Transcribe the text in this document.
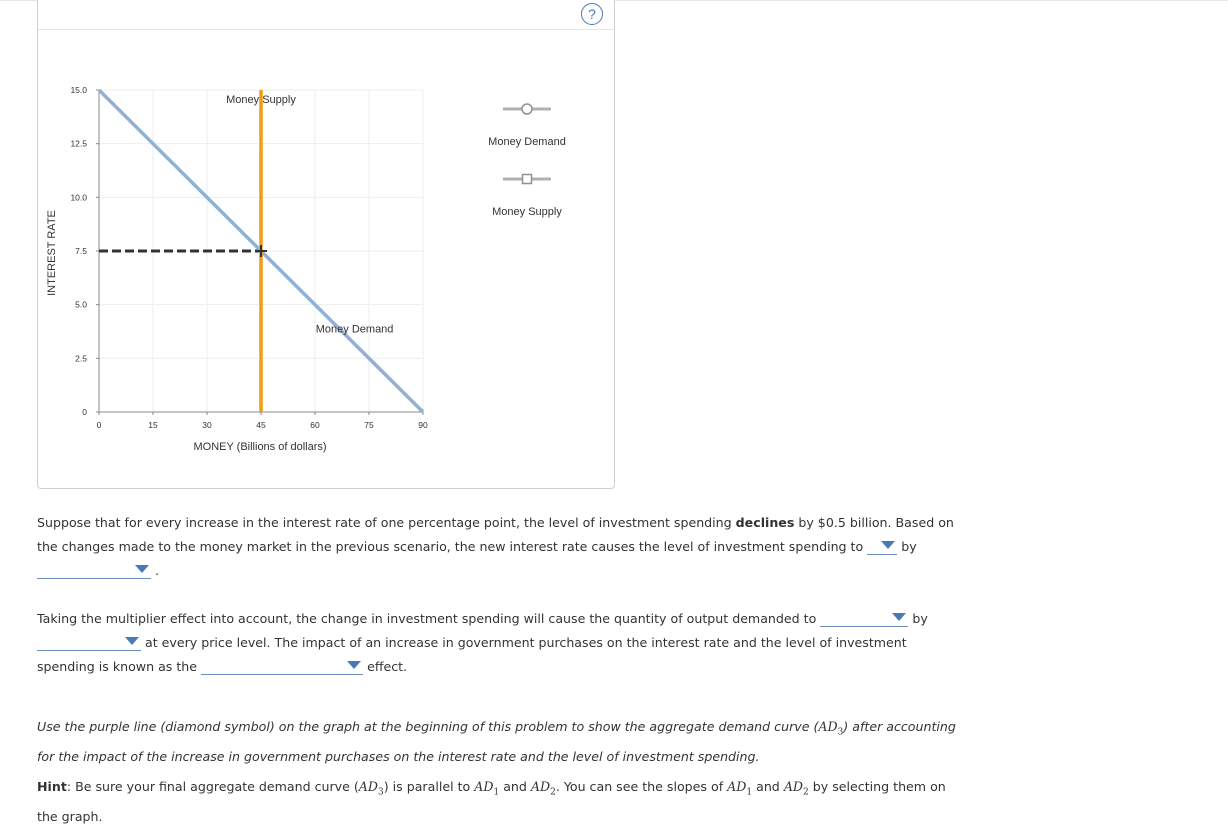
?
0
2.5
5.0
7.5
10.0
12.5
15.0
0	15	30	45	60	75	90
Money Demand
Money Supply
Money Demand
Money Supply
INTEREST RATE
MONEY (Billions of dollars)
Suppose that for every increase in the interest rate of one percentage point, the level of investment spending declines by $0.5 billion. Based on the changes made to the money market in the previous scenario, the new interest rate causes the level of investment spending to	by

.
Taking the multiplier effect into account, the change in investment spending will cause the quantity of output demanded to	by

at every price level. The impact of an increase in government purchases on the interest rate and the level of investment spending is known as the	effect.
Use the purple line (diamond symbol) on the graph at the beginning of this problem to show the aggregate demand curve $(AD_3)$ after accounting for the impact of the increase in government purchases on the interest rate and the level of investment spending.
Hint: Be sure your final aggregate demand curve $(AD_3)$ is parallel to $AD_1$ and $AD_2$. You can see the slopes of $AD_1$ and $AD_2$ by selecting them on the graph.
